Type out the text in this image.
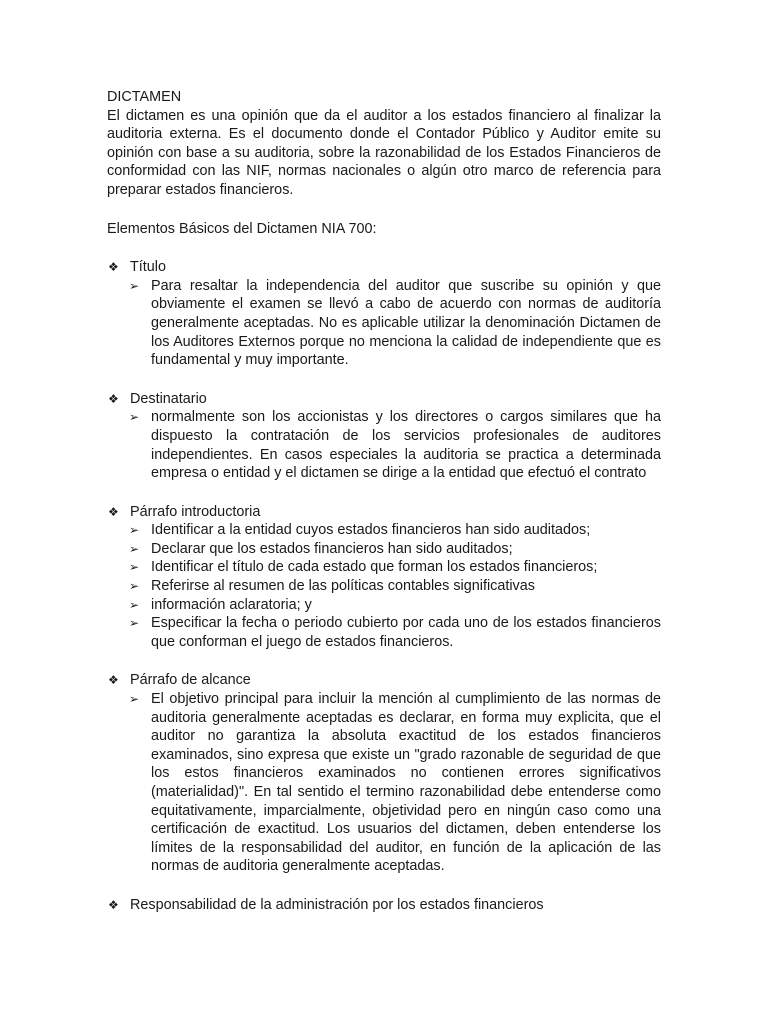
DICTAMEN

El dictamen es una opinión que da el auditor a los estados financiero al finalizar la auditoria externa. Es el documento donde el Contador Público y Auditor emite su opinión con base a su auditoria, sobre la razonabilidad de los Estados Financieros de conformidad con las NIF, normas nacionales o algún otro marco de referencia para preparar estados financieros.

Elementos Básicos del Dictamen NIA 700:

❖ Título
➢ Para resaltar la independencia del auditor que suscribe su opinión y que obviamente el examen se llevó a cabo de acuerdo con normas de auditoría generalmente aceptadas. No es aplicable utilizar la denominación Dictamen de los Auditores Externos porque no menciona la calidad de independiente que es fundamental y muy importante.
❖ Destinatario
➢ normalmente son los accionistas y los directores o cargos similares que ha dispuesto la contratación de los servicios profesionales de auditores independientes. En casos especiales la auditoria se practica a determinada empresa o entidad y el dictamen se dirige a la entidad que efectuó el contrato
❖ Párrafo introductoria
➢ Identificar a la entidad cuyos estados financieros han sido auditados;
➢ Declarar que los estados financieros han sido auditados;
➢ Identificar el título de cada estado que forman los estados financieros;
➢ Referirse al resumen de las políticas contables significativas
➢ información aclaratoria; y
➢ Especificar la fecha o periodo cubierto por cada uno de los estados financieros que conforman el juego de estados financieros.
❖ Párrafo de alcance
➢ El objetivo principal para incluir la mención al cumplimiento de las normas de auditoria generalmente aceptadas es declarar, en forma muy explicita, que el auditor no garantiza la absoluta exactitud de los estados financieros examinados, sino expresa que existe un "grado razonable de seguridad de que los estos financieros examinados no contienen errores significativos (materialidad)". En tal sentido el termino razonabilidad debe entenderse como equitativamente, imparcialmente, objetividad pero en ningún caso como una certificación de exactitud. Los usuarios del dictamen, deben entenderse los límites de la responsabilidad del auditor, en función de la aplicación de las normas de auditoria generalmente aceptadas.
❖ Responsabilidad de la administración por los estados financieros
